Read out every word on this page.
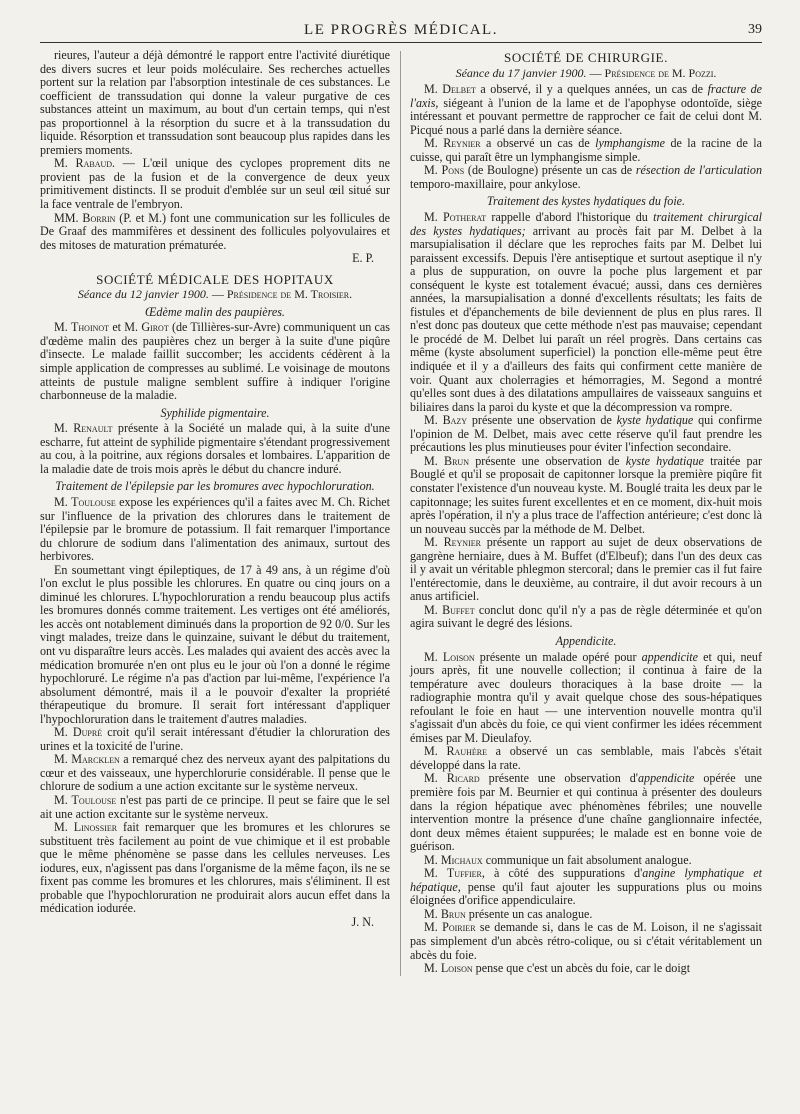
LE PROGRÈS MÉDICAL.	39

rieures, l'auteur a déjà démontré le rapport entre l'activité diurétique des divers sucres et leur poids moléculaire. Ses recherches actuelles portent sur la relation par l'absorption intestinale de ces substances. Le coefficient de transsudation qui donne la valeur purgative de ces substances atteint un maximum, au bout d'un certain temps, qui n'est pas proportionnel à la résorption du sucre et à la transsudation du liquide. Résorption et transsudation sont beaucoup plus rapides dans les premiers moments.

M. Rabaud. — L'œil unique des cyclopes proprement dits ne provient pas de la fusion et de la convergence de deux yeux primitivement distincts. Il se produit d'emblée sur un seul œil situé sur la face ventrale de l'embryon.

MM. Borrin (P. et M.) font une communication sur les follicules de De Graaf des mammifères et dessinent des follicules polyovulaires et des mitoses de maturation prématurée.

E. P.

SOCIÉTÉ MÉDICALE DES HOPITAUX

Séance du 12 janvier 1900. — Présidence de M. Troisier.

Œdème malin des paupières.

M. Thoinot et M. Girot (de Tillières-sur-Avre) communiquent un cas d'œdème malin des paupières chez un berger à la suite d'une piqûre d'insecte. Le malade faillit succomber; les accidents cédèrent à la simple application de compresses au sublimé. Le voisinage de moutons atteints de pustule maligne semblent suffire à indiquer l'origine charbonneuse de la maladie.

Syphilide pigmentaire.

M. Renault présente à la Société un malade qui, à la suite d'une escharre, fut atteint de syphilide pigmentaire s'étendant progressivement au cou, à la poitrine, aux régions dorsales et lombaires. L'apparition de la maladie date de trois mois après le début du chancre induré.

Traitement de l'épilepsie par les bromures avec hypochloruration.

M. Toulouse expose les expériences qu'il a faites avec M. Ch. Richet sur l'influence de la privation des chlorures dans le traitement de l'épilepsie par le bromure de potassium. Il fait remarquer l'importance du chlorure de sodium dans l'alimentation des animaux, surtout des herbivores.

En soumettant vingt épileptiques, de 17 à 49 ans, à un régime d'où l'on exclut le plus possible les chlorures. En quatre ou cinq jours on a diminué les chlorures. L'hypochloruration a rendu beaucoup plus actifs les bromures donnés comme traitement. Les vertiges ont été améliorés, les accès ont notablement diminués dans la proportion de 92 0/0. Sur les vingt malades, treize dans le quinzaine, suivant le début du traitement, ont vu disparaître leurs accès. Les malades qui avaient des accès avec la médication bromurée n'en ont plus eu le jour où l'on a donné le régime hypochloruré. Le régime n'a pas d'action par lui-même, l'expérience l'a absolument démontré, mais il a le pouvoir d'exalter la propriété thérapeutique du bromure. Il serait fort intéressant d'appliquer l'hypochloruration dans le traitement d'autres maladies.

M. Dupré croit qu'il serait intéressant d'étudier la chloruration des urines et la toxicité de l'urine.

M. Marcklen a remarqué chez des nerveux ayant des palpitations du cœur et des vaisseaux, une hyperchlorurie considérable. Il pense que le chlorure de sodium a une action excitante sur le système nerveux.

M. Toulouse n'est pas parti de ce principe. Il peut se faire que le sel ait une action excitante sur le système nerveux.

M. Linossier fait remarquer que les bromures et les chlorures se substituent très facilement au point de vue chimique et il est probable que le même phénomène se passe dans les cellules nerveuses. Les iodures, eux, n'agissent pas dans l'organisme de la même façon, ils ne se fixent pas comme les bromures et les chlorures, mais s'éliminent. Il est probable que l'hypochloruration ne produirait alors aucun effet dans la médication iodurée.

J. N.

SOCIÉTÉ DE CHIRURGIE.

Séance du 17 janvier 1900. — Présidence de M. Pozzi.

M. Delbet a observé, il y a quelques années, un cas de fracture de l'axis, siégeant à l'union de la lame et de l'apophyse odontoïde, siège intéressant et pouvant permettre de rapprocher ce fait de celui dont M. Picqué nous a parlé dans la dernière séance.

M. Reynier a observé un cas de lymphangisme de la racine de la cuisse, qui paraît être un lymphangisme simple.

M. Pons (de Boulogne) présente un cas de résection de l'articulation temporo-maxillaire, pour ankylose.

Traitement des kystes hydatiques du foie.

M. Potherat rappelle d'abord l'historique du traitement chirurgical des kystes hydatiques; arrivant au procès fait par M. Delbet à la marsupialisation il déclare que les reproches faits par M. Delbet lui paraissent excessifs. Depuis l'ère antiseptique et surtout aseptique il n'y a plus de suppuration, on ouvre la poche plus largement et par conséquent le kyste est totalement évacué; aussi, dans ces dernières années, la marsupialisation a donné d'excellents résultats; les faits de fistules et d'épanchements de bile deviennent de plus en plus rares. Il n'est donc pas douteux que cette méthode n'est pas mauvaise; cependant le procédé de M. Delbet lui paraît un réel progrès. Dans certains cas même (kyste absolument superficiel) la ponction elle-même peut être indiquée et il y a d'ailleurs des faits qui confirment cette manière de voir. Quant aux cholerragies et hémorragies, M. Segond a montré qu'elles sont dues à des dilatations ampullaires de vaisseaux sanguins et biliaires dans la paroi du kyste et que la décompression va rompre.

M. Bazy présente une observation de kyste hydatique qui confirme l'opinion de M. Delbet, mais avec cette réserve qu'il faut prendre les précautions les plus minutieuses pour éviter l'infection secondaire.

M. Brun présente une observation de kyste hydatique traitée par Bouglé et qu'il se proposait de capitonner lorsque la première piqûre fit constater l'existence d'un nouveau kyste. M. Bouglé traita les deux par le capitonnage; les suites furent excellentes et en ce moment, dix-huit mois après l'opération, il n'y a plus trace de l'affection antérieure; c'est donc là un nouveau succès par la méthode de M. Delbet.

M. Reynier présente un rapport au sujet de deux observations de gangrène herniaire, dues à M. Buffet (d'Elbeuf); dans l'un des deux cas il y avait un véritable phlegmon stercoral; dans le premier cas il fut faire l'entérectomie, dans le deuxième, au contraire, il dut avoir recours à un anus artificiel.

M. Buffet conclut donc qu'il n'y a pas de règle déterminée et qu'on agira suivant le degré des lésions.

Appendicite.

M. Loison présente un malade opéré pour appendicite et qui, neuf jours après, fit une nouvelle collection; il continua à faire de la température avec douleurs thoraciques à la base droite — la radiographie montra qu'il y avait quelque chose des sous-hépatiques refoulant le foie en haut — une intervention nouvelle montra qu'il s'agissait d'un abcès du foie, ce qui vient confirmer les idées récemment émises par M. Dieulafoy.

M. Rauhère a observé un cas semblable, mais l'abcès s'était développé dans la rate.

M. Ricard présente une observation d'appendicite opérée une première fois par M. Beurnier et qui continua à présenter des douleurs dans la région hépatique avec phénomènes fébriles; une nouvelle intervention montre la présence d'une chaîne ganglionnaire infectée, dont deux mêmes étaient suppurées; le malade est en bonne voie de guérison.

M. Michaux communique un fait absolument analogue.

M. Tuffier, à côté des suppurations d'angine lymphatique et hépatique, pense qu'il faut ajouter les suppurations plus ou moins éloignées d'orifice appendiculaire.

M. Brun présente un cas analogue.

M. Poirier se demande si, dans le cas de M. Loison, il ne s'agissait pas simplement d'un abcès rétro-colique, ou si c'était véritablement un abcès du foie.

M. Loison pense que c'est un abcès du foie, car le doigt
